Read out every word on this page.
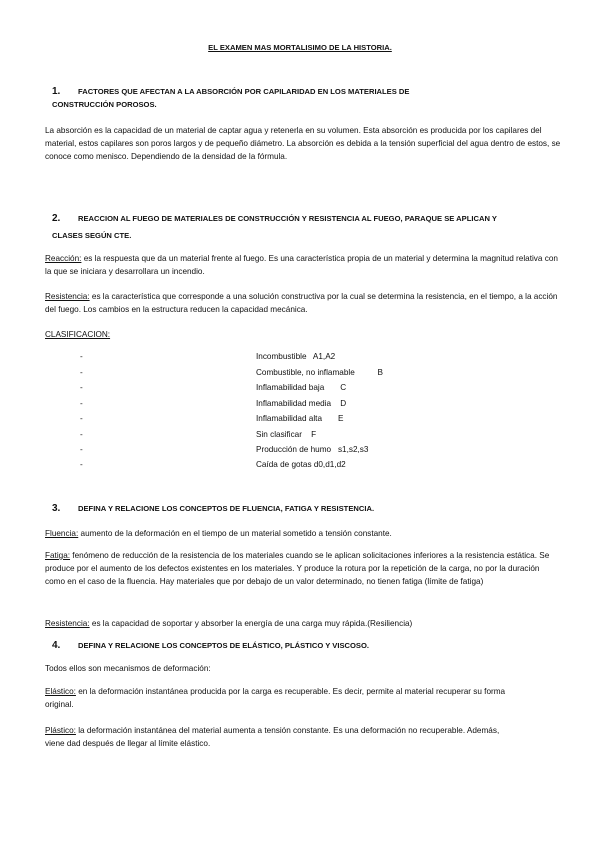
EL EXAMEN MAS MORTALISIMO DE LA HISTORIA.
1. FACTORES QUE AFECTAN A LA ABSORCIÓN POR CAPILARIDAD EN LOS MATERIALES DE
CONSTRUCCIÓN POROSOS.
La absorción es la capacidad de un material de captar agua y retenerla en su volumen. Esta absorción es producida por los capilares del material, estos capilares son poros largos y de pequeño diámetro. La absorción es debida a la tensión superficial del agua dentro de estos, se conoce como menisco. Dependiendo de la densidad de la fórmula.
2. REACCION AL FUEGO DE MATERIALES DE CONSTRUCCIÓN Y RESISTENCIA AL FUEGO, PARAQUE SE APLICAN Y
CLASES SEGÚN CTE.
Reacción: es la respuesta que da un material frente al fuego. Es una característica propia de un material y determina la magnitud relativa con la que se iniciara y desarrollara un incendio.
Resistencia: es la característica que corresponde a una solución constructiva por la cual se determina la resistencia, en el tiempo, a la acción del fuego. Los cambios en la estructura reducen la capacidad mecánica.
CLASIFICACION:
-	Incombustible A1,A2
-	Combustible, no inflamable	B
-	Inflamabilidad baja C
-	Inflamabilidad media D
-	Inflamabilidad alta E
-	Sin clasificar F
-	Producción de humo s1,s2,s3
-	Caída de gotas d0,d1,d2
3. DEFINA Y RELACIONE LOS CONCEPTOS DE FLUENCIA, FATIGA Y RESISTENCIA.
Fluencia: aumento de la deformación en el tiempo de un material sometido a tensión constante.
Fatiga: fenómeno de reducción de la resistencia de los materiales cuando se le aplican solicitaciones inferiores a la resistencia estática. Se produce por el aumento de los defectos existentes en los materiales. Y produce la rotura por la repetición de la carga, no por la duración como en el caso de la fluencia. Hay materiales que por debajo de un valor determinado, no tienen fatiga (límite de fatiga)
Resistencia: es la capacidad de soportar y absorber la energía de una carga muy rápida.(Resiliencia)
4. DEFINA Y RELACIONE LOS CONCEPTOS DE ELÁSTICO, PLÁSTICO Y VISCOSO.
Todos ellos son mecanismos de deformación:
Elástico: en la deformación instantánea producida por la carga es recuperable. Es decir, permite al material recuperar su forma original.
Plástico: la deformación instantánea del material aumenta a tensión constante. Es una deformación no recuperable. Además, viene dad después de llegar al límite elástico.
